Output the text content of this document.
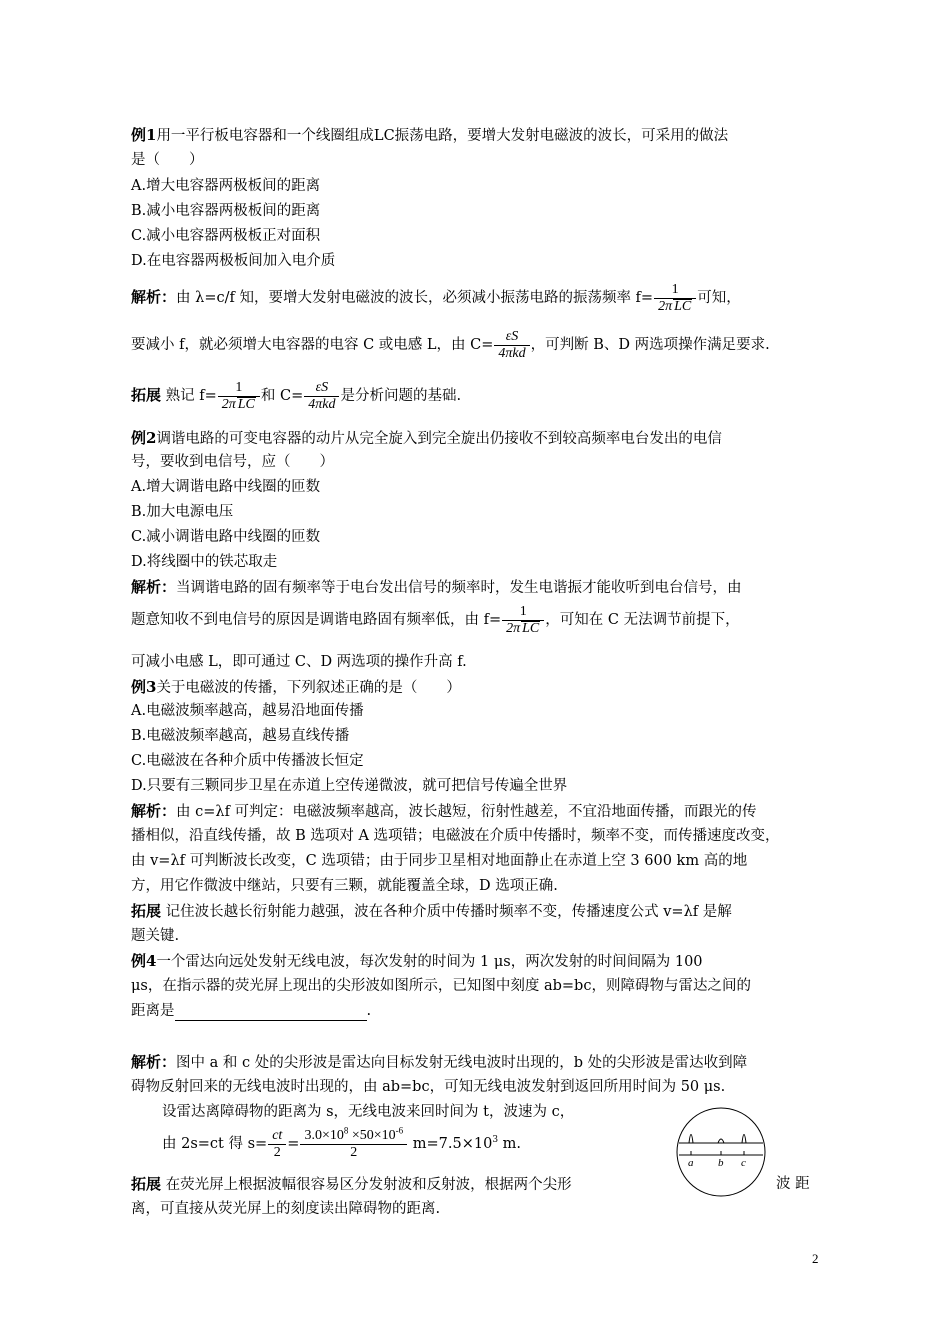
例1用一平行板电容器和一个线圈组成LC振荡电路，要增大发射电磁波的波长，可采用的做法
是（　　）
A.增大电容器两极板间的距离
B.减小电容器两极板间的距离
C.减小电容器两极板正对面积
D.在电容器两极板间加入电介质
解析：由 λ=c/f 知，要增大发射电磁波的波长，必须减小振荡电路的振荡频率 $f= \frac{1}{\text{2π LC}}$ 可知，
要减小 f，就必须增大电容器的电容 C 或电感 L，由 $C= \frac{\varepsilon S}{\text{4πkd}}$ ，可判断 B、D 两选项操作满足要求.
拓展 熟记 $f= \frac{1}{\text{2π LC}}$ 和 $C= \frac{\varepsilon S}{\text{4πkd}}$ 是分析问题的基础.
例2调谐电路的可变电容器的动片从完全旋入到完全旋出仍接收不到较高频率电台发出的电信
号，要收到电信号，应（　　）
A.增大调谐电路中线圈的匝数
B.加大电源电压
C.减小调谐电路中线圈的匝数
D.将线圈中的铁芯取走
解析：当调谐电路的固有频率等于电台发出信号的频率时，发生电谐振才能收听到电台信号，由
题意知收不到电信号的原因是调谐电路固有频率低，由 $f= \frac{1}{\text{2π LC}}$ ，可知在 C 无法调节前提下，
可减小电感 L，即可通过 C、D 两选项的操作升高 f.
例3关于电磁波的传播，下列叙述正确的是（　　）
A.电磁波频率越高，越易沿地面传播
B.电磁波频率越高，越易直线传播
C.电磁波在各种介质中传播波长恒定
D.只要有三颗同步卫星在赤道上空传递微波，就可把信号传遍全世界
解析：由 c=λf 可判定：电磁波频率越高，波长越短，衍射性越差，不宜沿地面传播，而跟光的传
播相似，沿直线传播，故 B 选项对 A 选项错；电磁波在介质中传播时，频率不变，而传播速度改变，
由 v=λf 可判断波长改变，C 选项错；由于同步卫星相对地面静止在赤道上空 3 600 km 高的地
方，用它作微波中继站，只要有三颗，就能覆盖全球，D 选项正确.
拓展 记住波长越长衍射能力越强，波在各种介质中传播时频率不变，传播速度公式 v=λf 是解
题关键.
例4一个雷达向远处发射无线电波，每次发射的时间为 1 μs，两次发射的时间间隔为 100
μs，在指示器的荧光屏上现出的尖形波如图所示，已知图中刻度 ab=bc，则障碍物与雷达之间的
距离是	.
解析：图中 a 和 c 处的尖形波是雷达向目标发射无线电波时出现的，b 处的尖形波是雷达收到障
碍物反射回来的无线电波时出现的，由 ab=bc，可知无线电波发射到返回所用时间为 50 μs.
设雷达离障碍物的距离为 s，无线电波来回时间为 t，波速为 c，
由 2s=ct 得 $s= \frac{ct}{2} = \frac{3.0\times 10^8 \times 50\times 10^{-6}}{2} m=7.5\times 10^3$ m.
拓展 在荧光屏上根据波幅很容易区分发射波和反射波，根据两个尖形	波 距
离，可直接从荧光屏上的刻度读出障碍物的距离.
a b c
2
